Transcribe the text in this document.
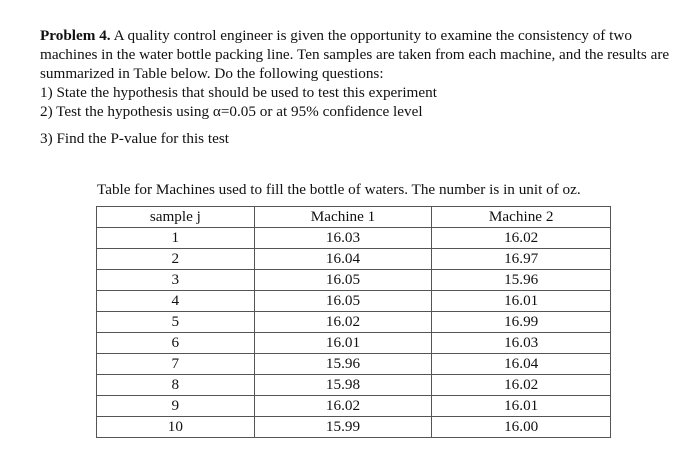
Problem 4. A quality control engineer is given the opportunity to examine the consistency of two machines in the water bottle packing line. Ten samples are taken from each machine, and the results are summarized in Table below. Do the following questions:

1) State the hypothesis that should be used to test this experiment

2) Test the hypothesis using α=0.05 or at 95% confidence level

3) Find the P-value for this test

Table for Machines used to fill the bottle of waters. The number is in unit of oz.
sample j	Machine 1	Machine 2
1	16.03	16.02
2	16.04	16.97
3	16.05	15.96
4	16.05	16.01
5	16.02	16.99
6	16.01	16.03
7	15.96	16.04
8	15.98	16.02
9	16.02	16.01
10	15.99	16.00
